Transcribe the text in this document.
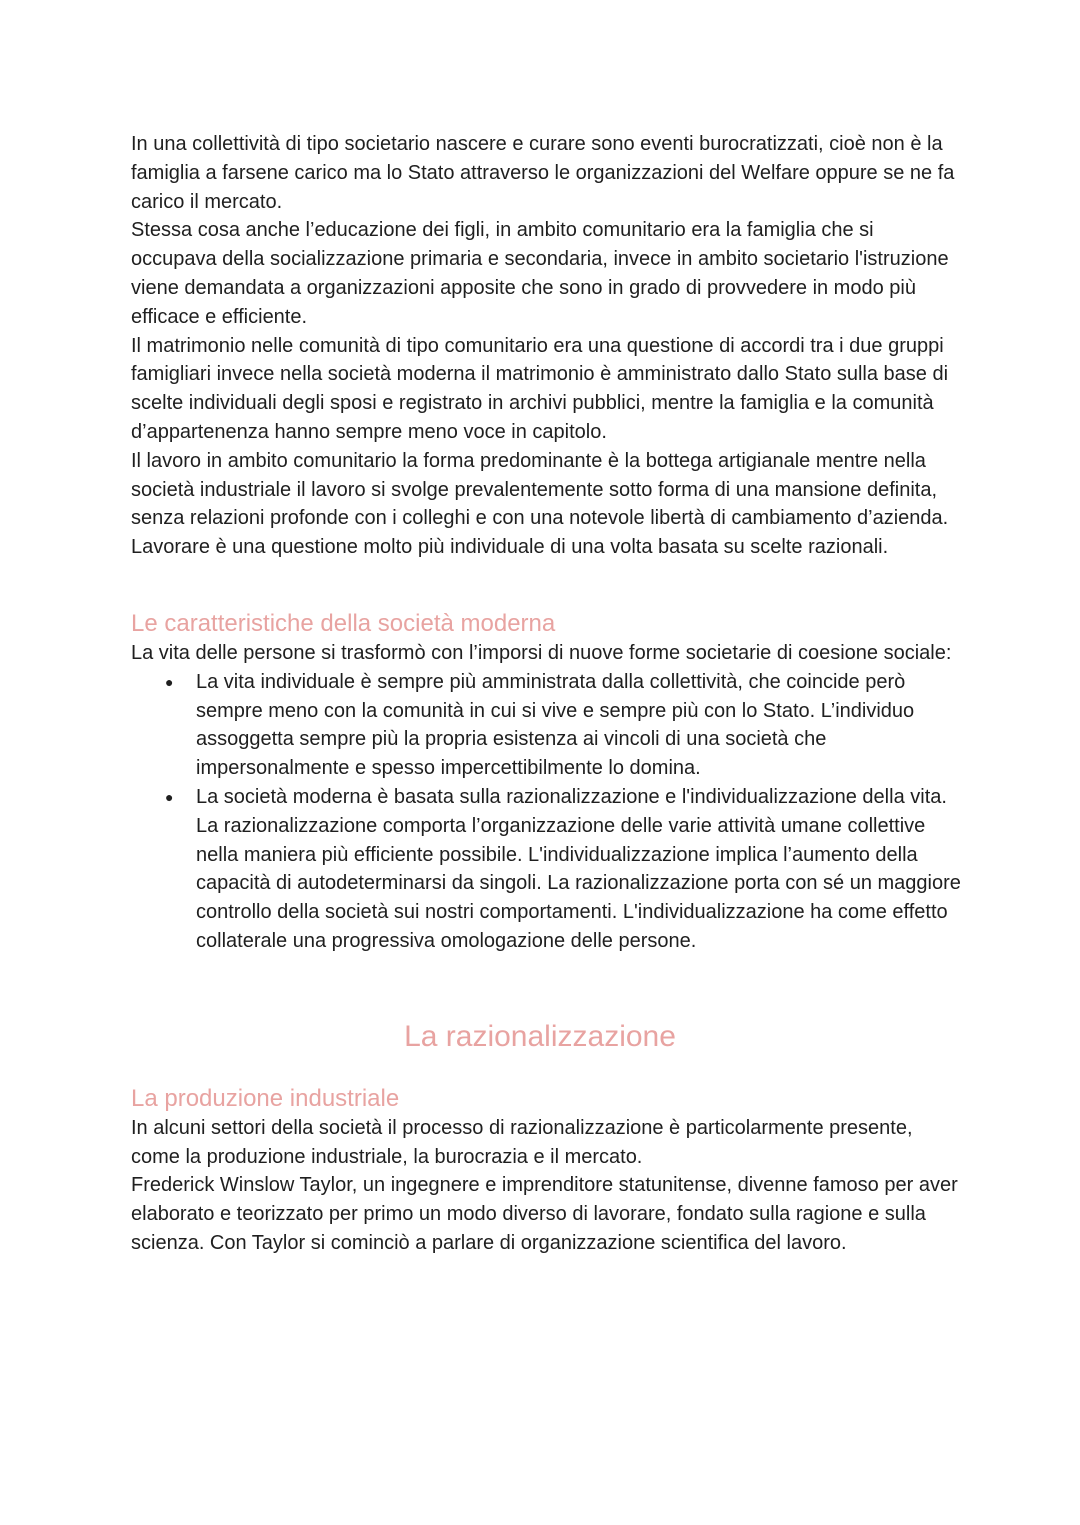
In una collettività di tipo societario nascere e curare sono eventi burocratizzati, cioè non è la famiglia a farsene carico ma lo Stato attraverso le organizzazioni del Welfare oppure se ne fa carico il mercato.

Stessa cosa anche l’educazione dei figli, in ambito comunitario era la famiglia che si occupava della socializzazione primaria e secondaria, invece in ambito societario l'istruzione viene demandata a organizzazioni apposite che sono in grado di provvedere in modo più efficace e efficiente.

Il matrimonio nelle comunità di tipo comunitario era una questione di accordi tra i due gruppi famigliari invece nella società moderna il matrimonio è amministrato dallo Stato sulla base di scelte individuali degli sposi e registrato in archivi pubblici, mentre la famiglia e la comunità d’appartenenza hanno sempre meno voce in capitolo.

Il lavoro in ambito comunitario la forma predominante è la bottega artigianale mentre nella società industriale il lavoro si svolge prevalentemente sotto forma di una mansione definita, senza relazioni profonde con i colleghi e con una notevole libertà di cambiamento d’azienda. Lavorare è una questione molto più individuale di una volta basata su scelte razionali.

Le caratteristiche della società moderna

La vita delle persone si trasformò con l’imporsi di nuove forme societarie di coesione sociale:

● La vita individuale è sempre più amministrata dalla collettività, che coincide però sempre meno con la comunità in cui si vive e sempre più con lo Stato. L’individuo assoggetta sempre più la propria esistenza ai vincoli di una società che impersonalmente e spesso impercettibilmente lo domina.
● La società moderna è basata sulla razionalizzazione e l'individualizzazione della vita. La razionalizzazione comporta l’organizzazione delle varie attività umane collettive nella maniera più efficiente possibile. L'individualizzazione implica l’aumento della capacità di autodeterminarsi da singoli. La razionalizzazione porta con sé un maggiore controllo della società sui nostri comportamenti. L'individualizzazione ha come effetto collaterale una progressiva omologazione delle persone.
La razionalizzazione
La produzione industriale

In alcuni settori della società il processo di razionalizzazione è particolarmente presente, come la produzione industriale, la burocrazia e il mercato.

Frederick Winslow Taylor, un ingegnere e imprenditore statunitense, divenne famoso per aver elaborato e teorizzato per primo un modo diverso di lavorare, fondato sulla ragione e sulla scienza. Con Taylor si cominciò a parlare di organizzazione scientifica del lavoro.
